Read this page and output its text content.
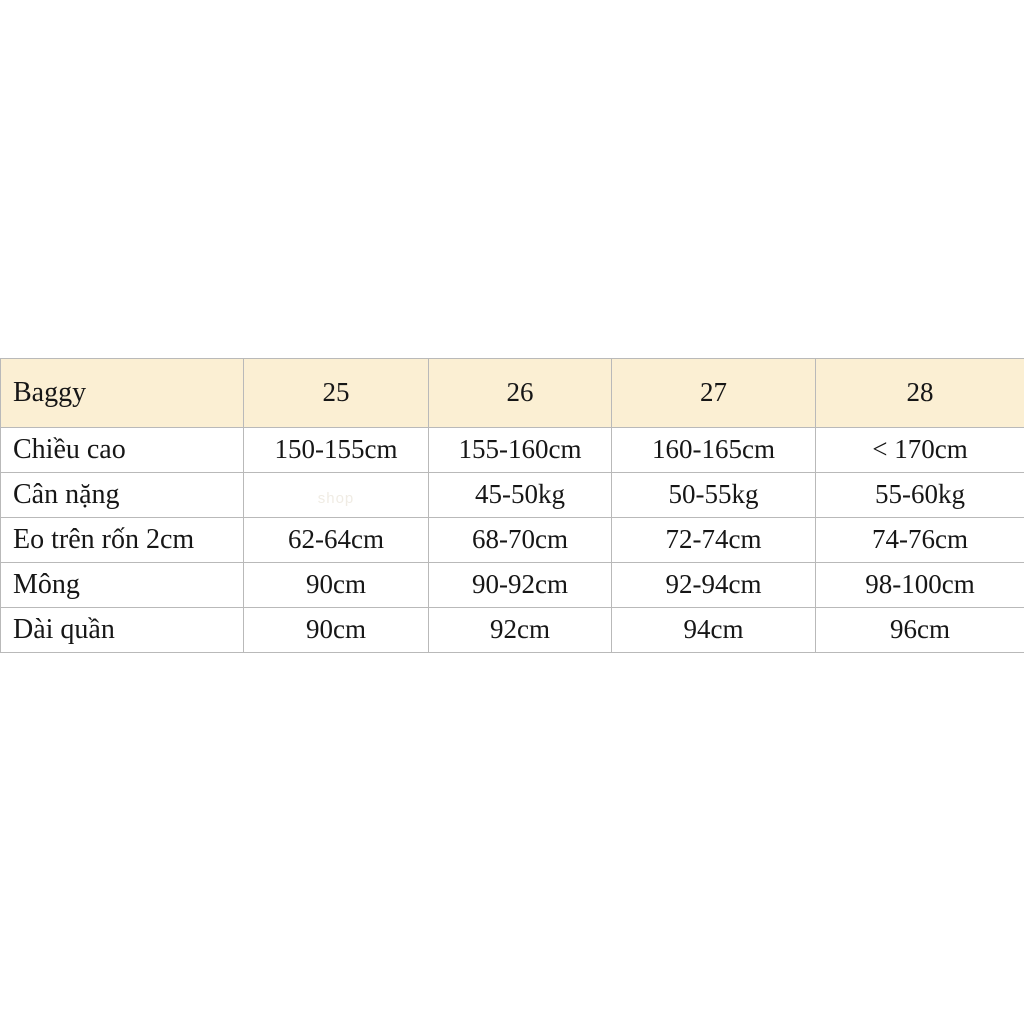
Baggy	25	26	27	28
Chiều cao	150-155cm	155-160cm	160-165cm	< 170cm
Cân nặng	shop	45-50kg	50-55kg	55-60kg
Eo trên rốn 2cm	62-64cm	68-70cm	72-74cm	74-76cm
Mông	90cm	90-92cm	92-94cm	98-100cm
Dài quần	90cm	92cm	94cm	96cm
